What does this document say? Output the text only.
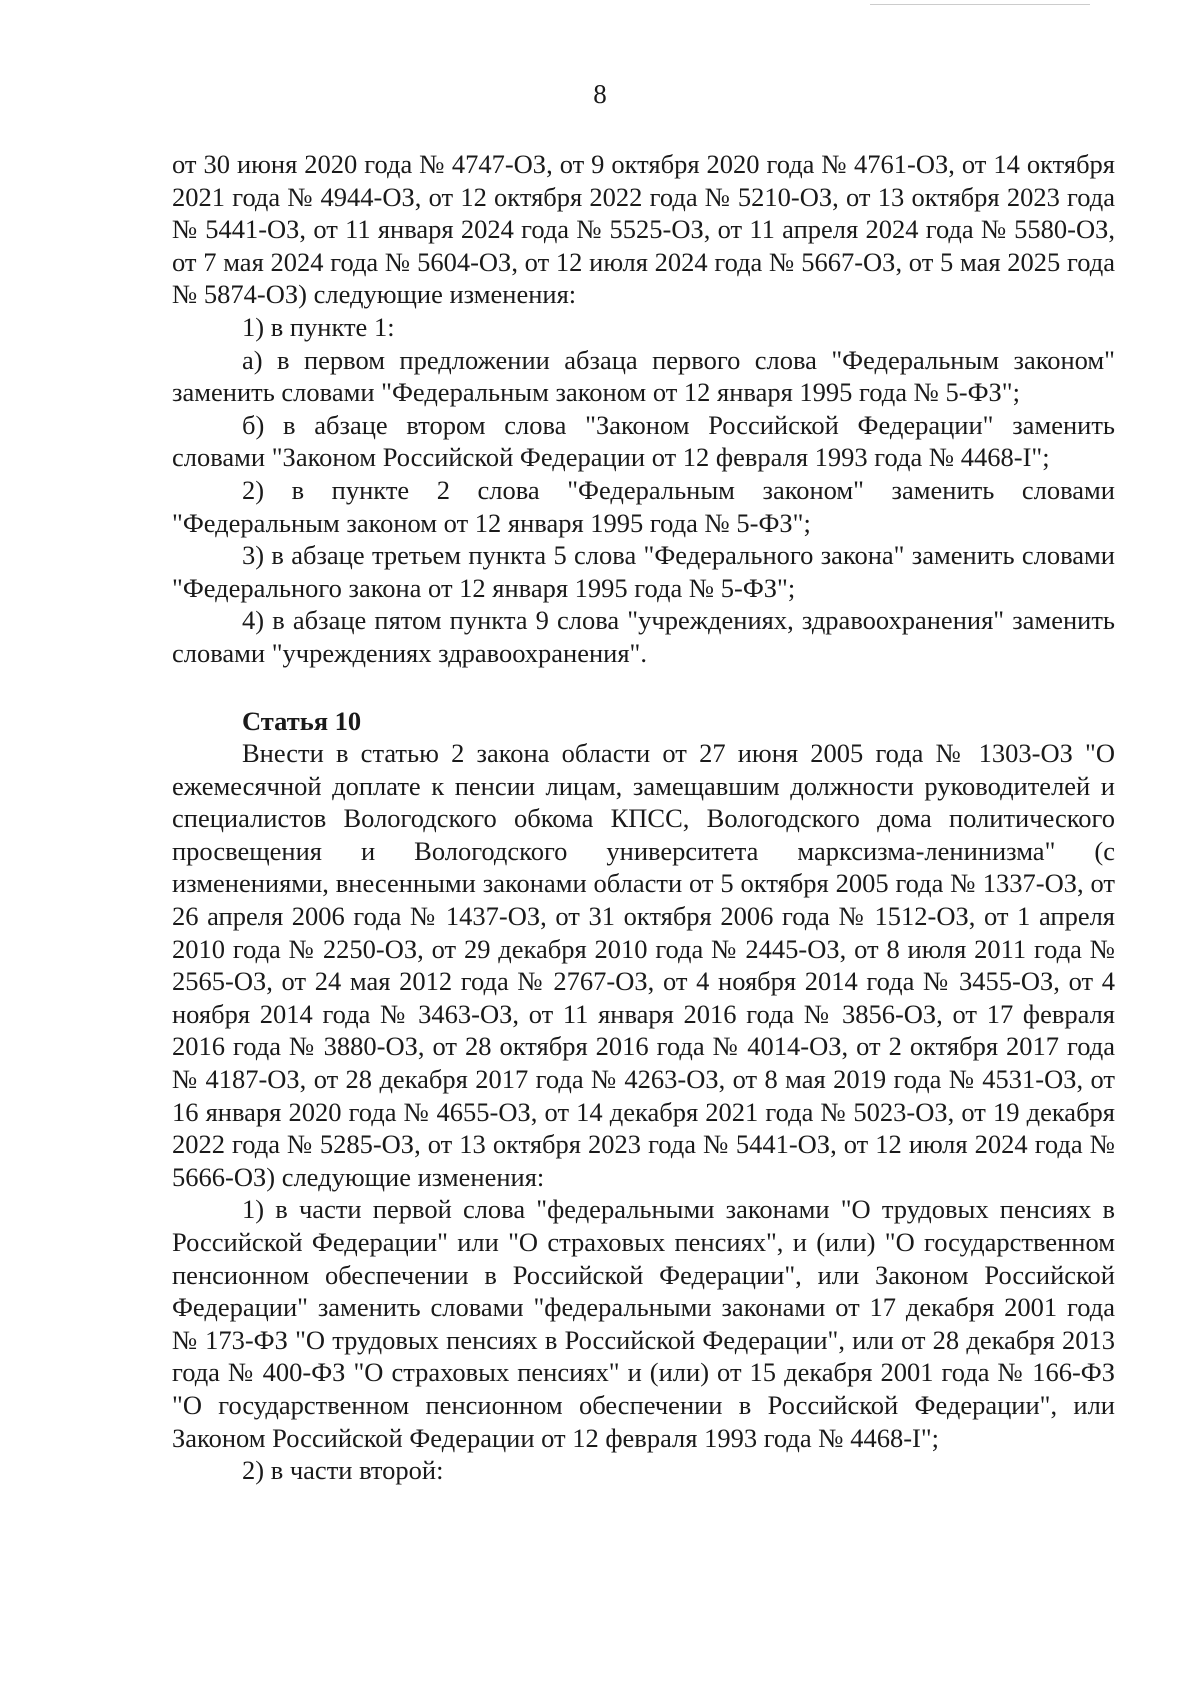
8

от 30 июня 2020 года № 4747-ОЗ, от 9 октября 2020 года № 4761-ОЗ, от 14 октября 2021 года № 4944-ОЗ, от 12 октября 2022 года № 5210-ОЗ, от 13 октября 2023 года № 5441-ОЗ, от 11 января 2024 года № 5525-ОЗ, от 11 апреля 2024 года № 5580-ОЗ, от 7 мая 2024 года № 5604-ОЗ, от 12 июля 2024 года № 5667-ОЗ, от 5 мая 2025 года № 5874-ОЗ) следующие изменения:

1) в пункте 1:

а) в первом предложении абзаца первого слова "Федеральным законом" заменить словами "Федеральным законом от 12 января 1995 года № 5-ФЗ";

б) в абзаце втором слова "Законом Российской Федерации" заменить словами "Законом Российской Федерации от 12 февраля 1993 года № 4468-I";

2) в пункте 2 слова "Федеральным законом" заменить словами "Федеральным законом от 12 января 1995 года № 5-ФЗ";

3) в абзаце третьем пункта 5 слова "Федерального закона" заменить словами "Федерального закона от 12 января 1995 года № 5-ФЗ";

4) в абзаце пятом пункта 9 слова "учреждениях, здравоохранения" заменить словами "учреждениях здравоохранения".

Статья 10

Внести в статью 2 закона области от 27 июня 2005 года № 1303-ОЗ "О ежемесячной доплате к пенсии лицам, замещавшим должности руководителей и специалистов Вологодского обкома КПСС, Вологодского дома политического просвещения и Вологодского университета марксизма-ленинизма" (с изменениями, внесенными законами области от 5 октября 2005 года № 1337-ОЗ, от 26 апреля 2006 года № 1437-ОЗ, от 31 октября 2006 года № 1512-ОЗ, от 1 апреля 2010 года № 2250-ОЗ, от 29 декабря 2010 года № 2445-ОЗ, от 8 июля 2011 года № 2565-ОЗ, от 24 мая 2012 года № 2767-ОЗ, от 4 ноября 2014 года № 3455-ОЗ, от 4 ноября 2014 года № 3463-ОЗ, от 11 января 2016 года № 3856-ОЗ, от 17 февраля 2016 года № 3880-ОЗ, от 28 октября 2016 года № 4014-ОЗ, от 2 октября 2017 года № 4187-ОЗ, от 28 декабря 2017 года № 4263-ОЗ, от 8 мая 2019 года № 4531-ОЗ, от 16 января 2020 года № 4655-ОЗ, от 14 декабря 2021 года № 5023-ОЗ, от 19 декабря 2022 года № 5285-ОЗ, от 13 октября 2023 года № 5441-ОЗ, от 12 июля 2024 года № 5666-ОЗ) следующие изменения:

1) в части первой слова "федеральными законами "О трудовых пенсиях в Российской Федерации" или "О страховых пенсиях", и (или) "О государственном пенсионном обеспечении в Российской Федерации", или Законом Российской Федерации" заменить словами "федеральными законами от 17 декабря 2001 года № 173-ФЗ "О трудовых пенсиях в Российской Федерации", или от 28 декабря 2013 года № 400-ФЗ "О страховых пенсиях" и (или) от 15 декабря 2001 года № 166-ФЗ "О государственном пенсионном обеспечении в Российской Федерации", или Законом Российской Федерации от 12 февраля 1993 года № 4468-I";

2) в части второй:
